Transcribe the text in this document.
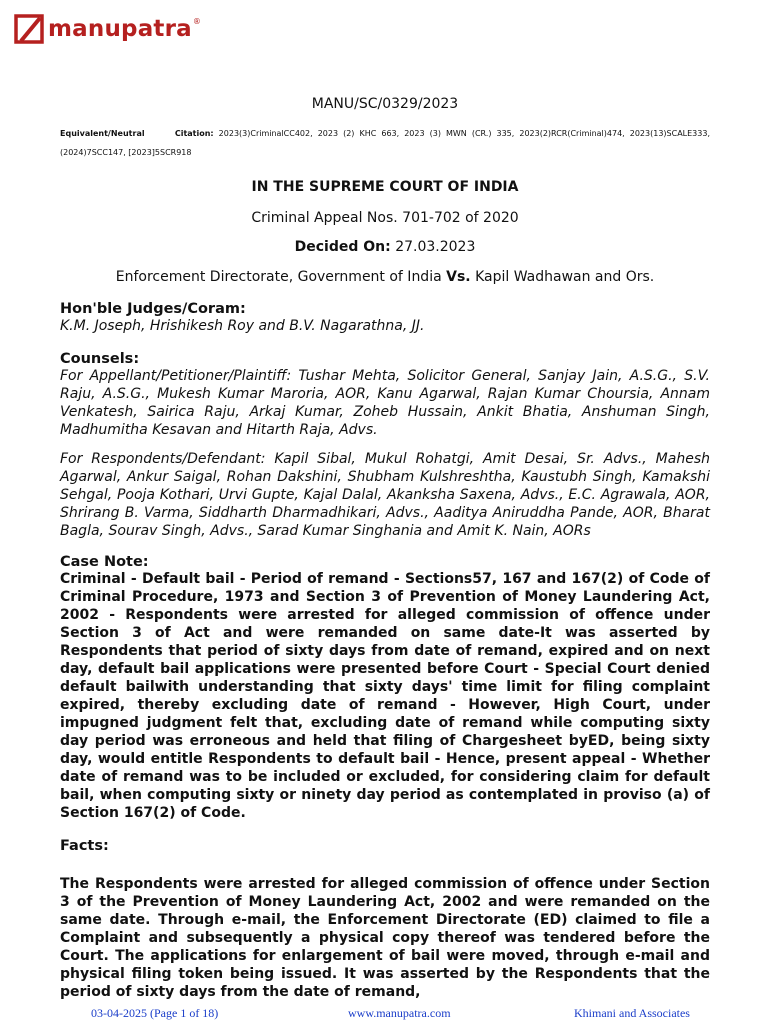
manupatra ®
MANU/SC/0329/2023
Equivalent/Neutral	Citation: 2023(3)CriminalCC402, 2023 (2) KHC 663, 2023 (3) MWN (CR.) 335, 2023(2)RCR(Criminal)474, 2023(13)SCALE333, (2024)7SCC147, [2023]5SCR918
IN THE SUPREME COURT OF INDIA
Criminal Appeal Nos. 701-702 of 2020
Decided On: 27.03.2023
Enforcement Directorate, Government of India Vs. Kapil Wadhawan and Ors.
Hon'ble Judges/Coram:
K.M. Joseph, Hrishikesh Roy and B.V. Nagarathna, JJ.
Counsels:
For Appellant/Petitioner/Plaintiff: Tushar Mehta, Solicitor General, Sanjay Jain, A.S.G., S.V. Raju, A.S.G., Mukesh Kumar Maroria, AOR, Kanu Agarwal, Rajan Kumar Choursia, Annam Venkatesh, Sairica Raju, Arkaj Kumar, Zoheb Hussain, Ankit Bhatia, Anshuman Singh, Madhumitha Kesavan and Hitarth Raja, Advs.
For Respondents/Defendant: Kapil Sibal, Mukul Rohatgi, Amit Desai, Sr. Advs., Mahesh Agarwal, Ankur Saigal, Rohan Dakshini, Shubham Kulshreshtha, Kaustubh Singh, Kamakshi Sehgal, Pooja Kothari, Urvi Gupte, Kajal Dalal, Akanksha Saxena, Advs., E.C. Agrawala, AOR, Shrirang B. Varma, Siddharth Dharmadhikari, Advs., Aaditya Aniruddha Pande, AOR, Bharat Bagla, Sourav Singh, Advs., Sarad Kumar Singhania and Amit K. Nain, AORs
Case Note:
Criminal - Default bail - Period of remand - Sections57, 167 and 167(2) of Code of Criminal Procedure, 1973 and Section 3 of Prevention of Money Laundering Act, 2002 - Respondents were arrested for alleged commission of offence under Section 3 of Act and were remanded on same date-It was asserted by Respondents that period of sixty days from date of remand, expired and on next day, default bail applications were presented before Court - Special Court denied default bailwith understanding that sixty days' time limit for filing complaint expired, thereby excluding date of remand - However, High Court, under impugned judgment felt that, excluding date of remand while computing sixty day period was erroneous and held that filing of Chargesheet byED, being sixty day, would entitle Respondents to default bail - Hence, present appeal - Whether date of remand was to be included or excluded, for considering claim for default bail, when computing sixty or ninety day period as contemplated in proviso (a) of Section 167(2) of Code.
Facts:
The Respondents were arrested for alleged commission of offence under Section 3 of the Prevention of Money Laundering Act, 2002 and were remanded on the same date. Through e-mail, the Enforcement Directorate (ED) claimed to file a Complaint and subsequently a physical copy thereof was tendered before the Court. The applications for enlargement of bail were moved, through e-mail and physical filing token being issued. It was asserted by the Respondents that the period of sixty days from the date of remand,
03-04-2025 (Page 1 of 18)	www.manupatra.com	Khimani and Associates
